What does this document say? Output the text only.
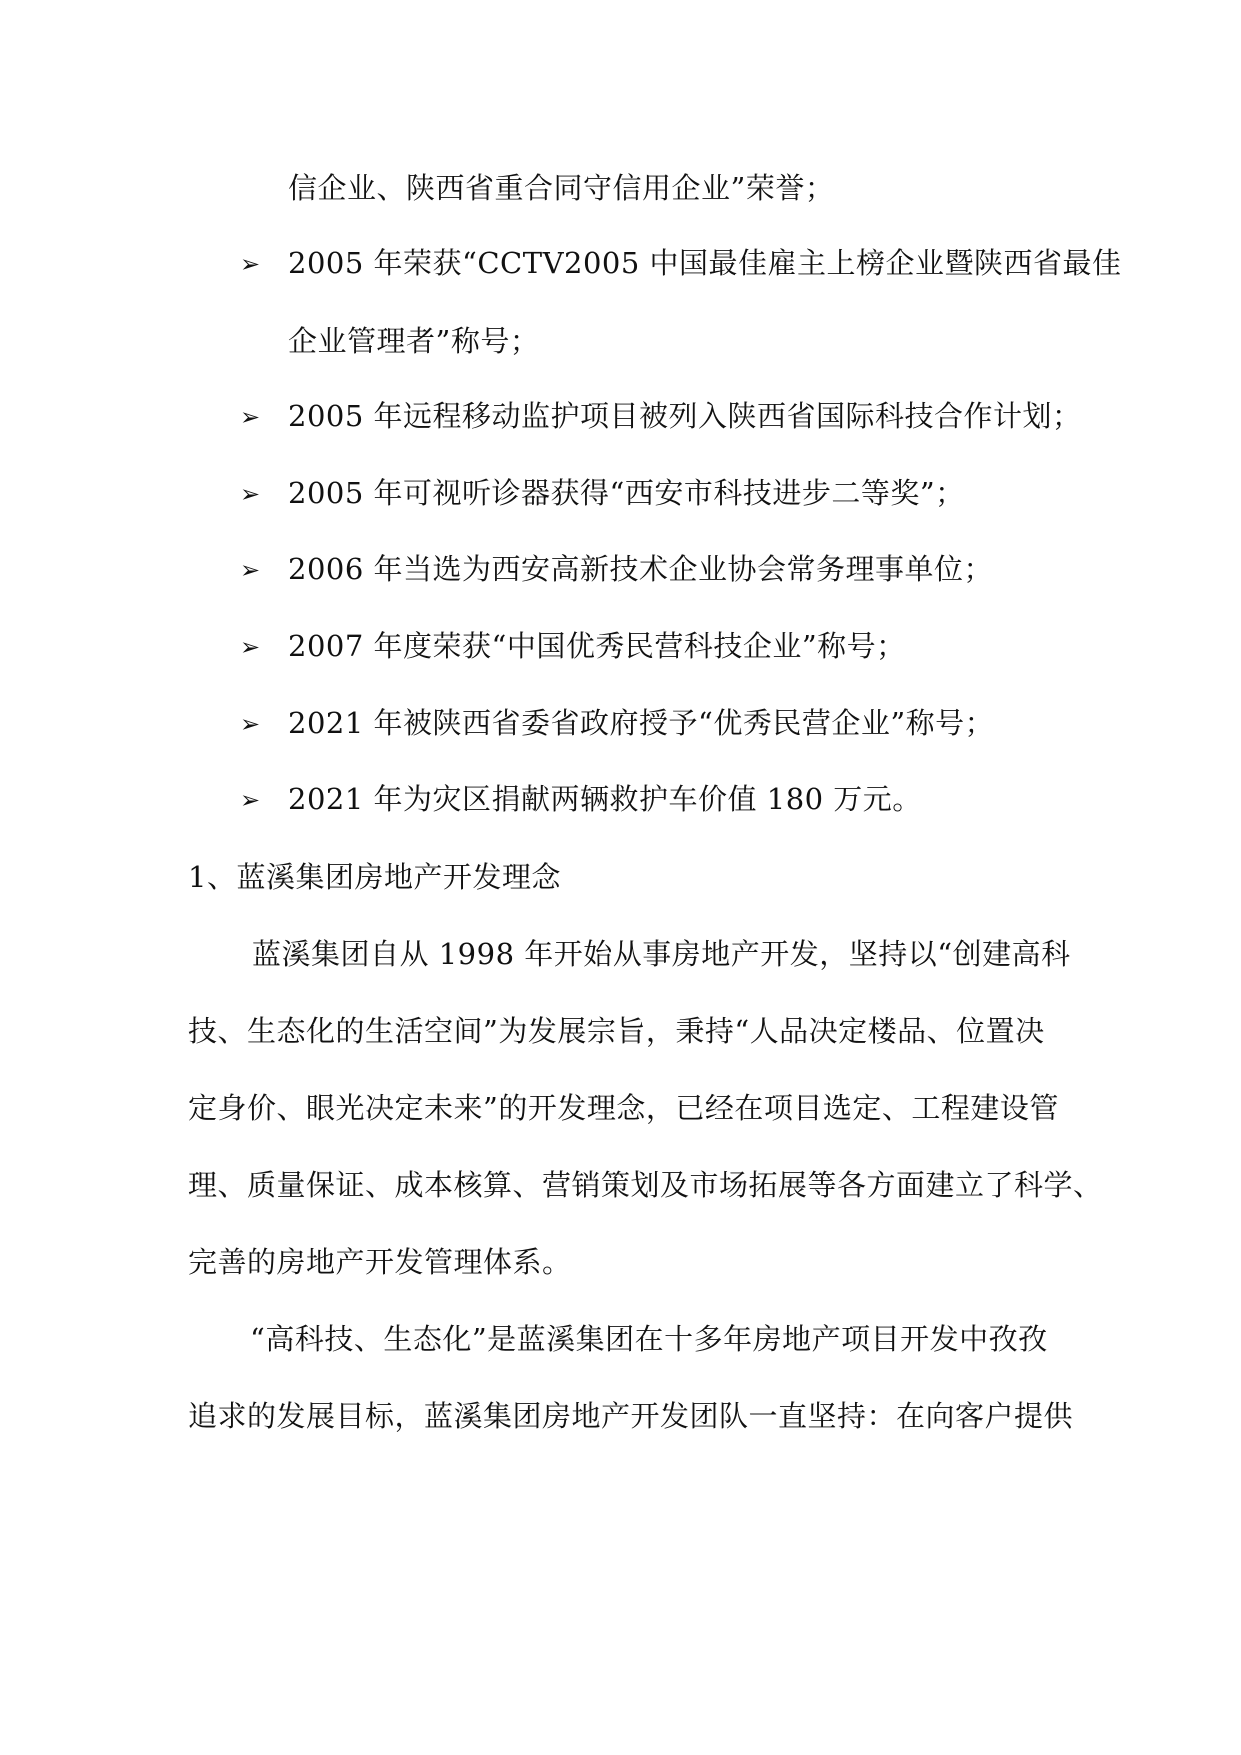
信企业、陕西省重合同守信用企业”荣誉；
➢ 2005 年荣获“CCTV2005 中国最佳雇主上榜企业暨陕西省最佳
企业管理者”称号；
➢ 2005 年远程移动监护项目被列入陕西省国际科技合作计划；
➢ 2005 年可视听诊器获得“西安市科技进步二等奖”；
➢ 2006 年当选为西安高新技术企业协会常务理事单位；
➢ 2007 年度荣获“中国优秀民营科技企业”称号；
➢ 2021 年被陕西省委省政府授予“优秀民营企业”称号；
➢ 2021 年为灾区捐献两辆救护车价值 180 万元。
1、蓝溪集团房地产开发理念
蓝溪集团自从 1998 年开始从事房地产开发，坚持以“创建高科
技、生态化的生活空间”为发展宗旨，秉持“人品决定楼品、位置决
定身价、眼光决定未来”的开发理念，已经在项目选定、工程建设管
理、质量保证、成本核算、营销策划及市场拓展等各方面建立了科学、
完善的房地产开发管理体系。
“高科技、生态化”是蓝溪集团在十多年房地产项目开发中孜孜
追求的发展目标，蓝溪集团房地产开发团队一直坚持：在向客户提供
